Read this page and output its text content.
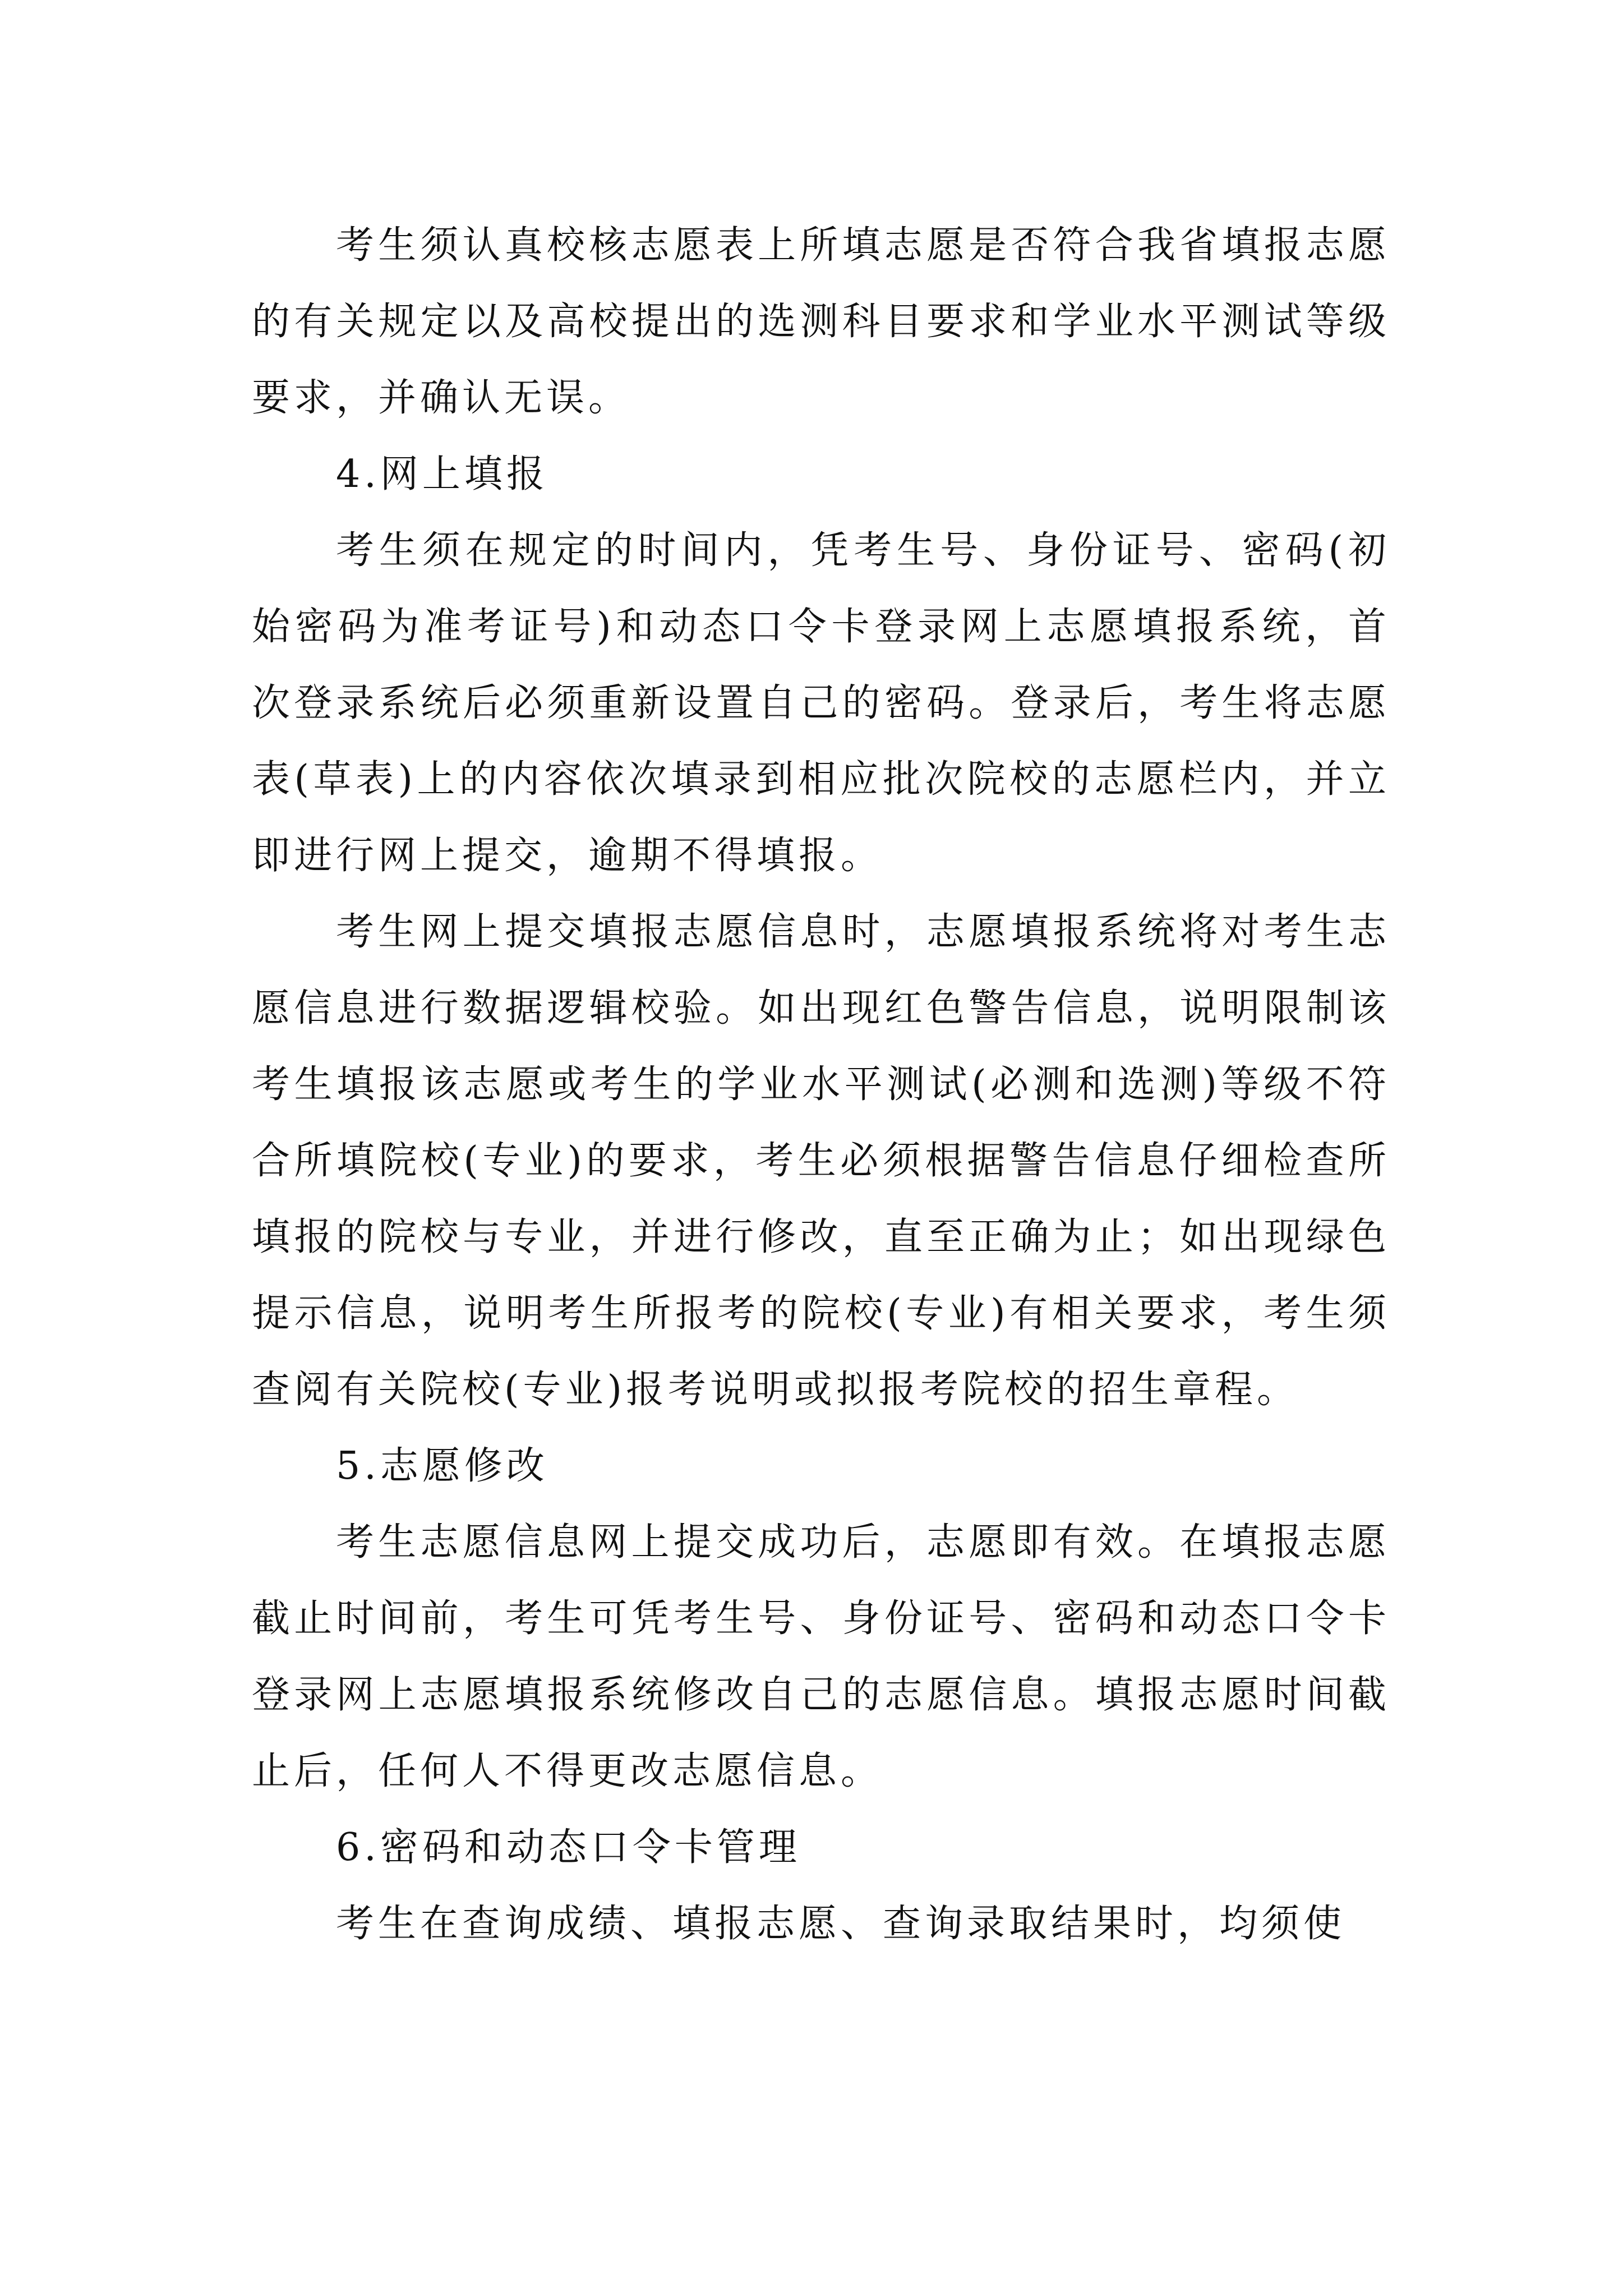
考生须认真校核志愿表上所填志愿是否符合我省填报志愿的有关规定以及高校提出的选测科目要求和学业水平测试等级要求，并确认无误。

4.网上填报

考生须在规定的时间内，凭考生号、身份证号、密码(初始密码为准考证号)和动态口令卡登录网上志愿填报系统，首次登录系统后必须重新设置自己的密码。登录后，考生将志愿表(草表)上的内容依次填录到相应批次院校的志愿栏内，并立即进行网上提交，逾期不得填报。

考生网上提交填报志愿信息时，志愿填报系统将对考生志愿信息进行数据逻辑校验。如出现红色警告信息，说明限制该考生填报该志愿或考生的学业水平测试(必测和选测)等级不符合所填院校(专业)的要求，考生必须根据警告信息仔细检查所填报的院校与专业，并进行修改，直至正确为止；如出现绿色提示信息，说明考生所报考的院校(专业)有相关要求，考生须查阅有关院校(专业)报考说明或拟报考院校的招生章程。

5.志愿修改

考生志愿信息网上提交成功后，志愿即有效。在填报志愿截止时间前，考生可凭考生号、身份证号、密码和动态口令卡登录网上志愿填报系统修改自己的志愿信息。填报志愿时间截止后，任何人不得更改志愿信息。

6.密码和动态口令卡管理

考生在查询成绩、填报志愿、查询录取结果时，均须使
